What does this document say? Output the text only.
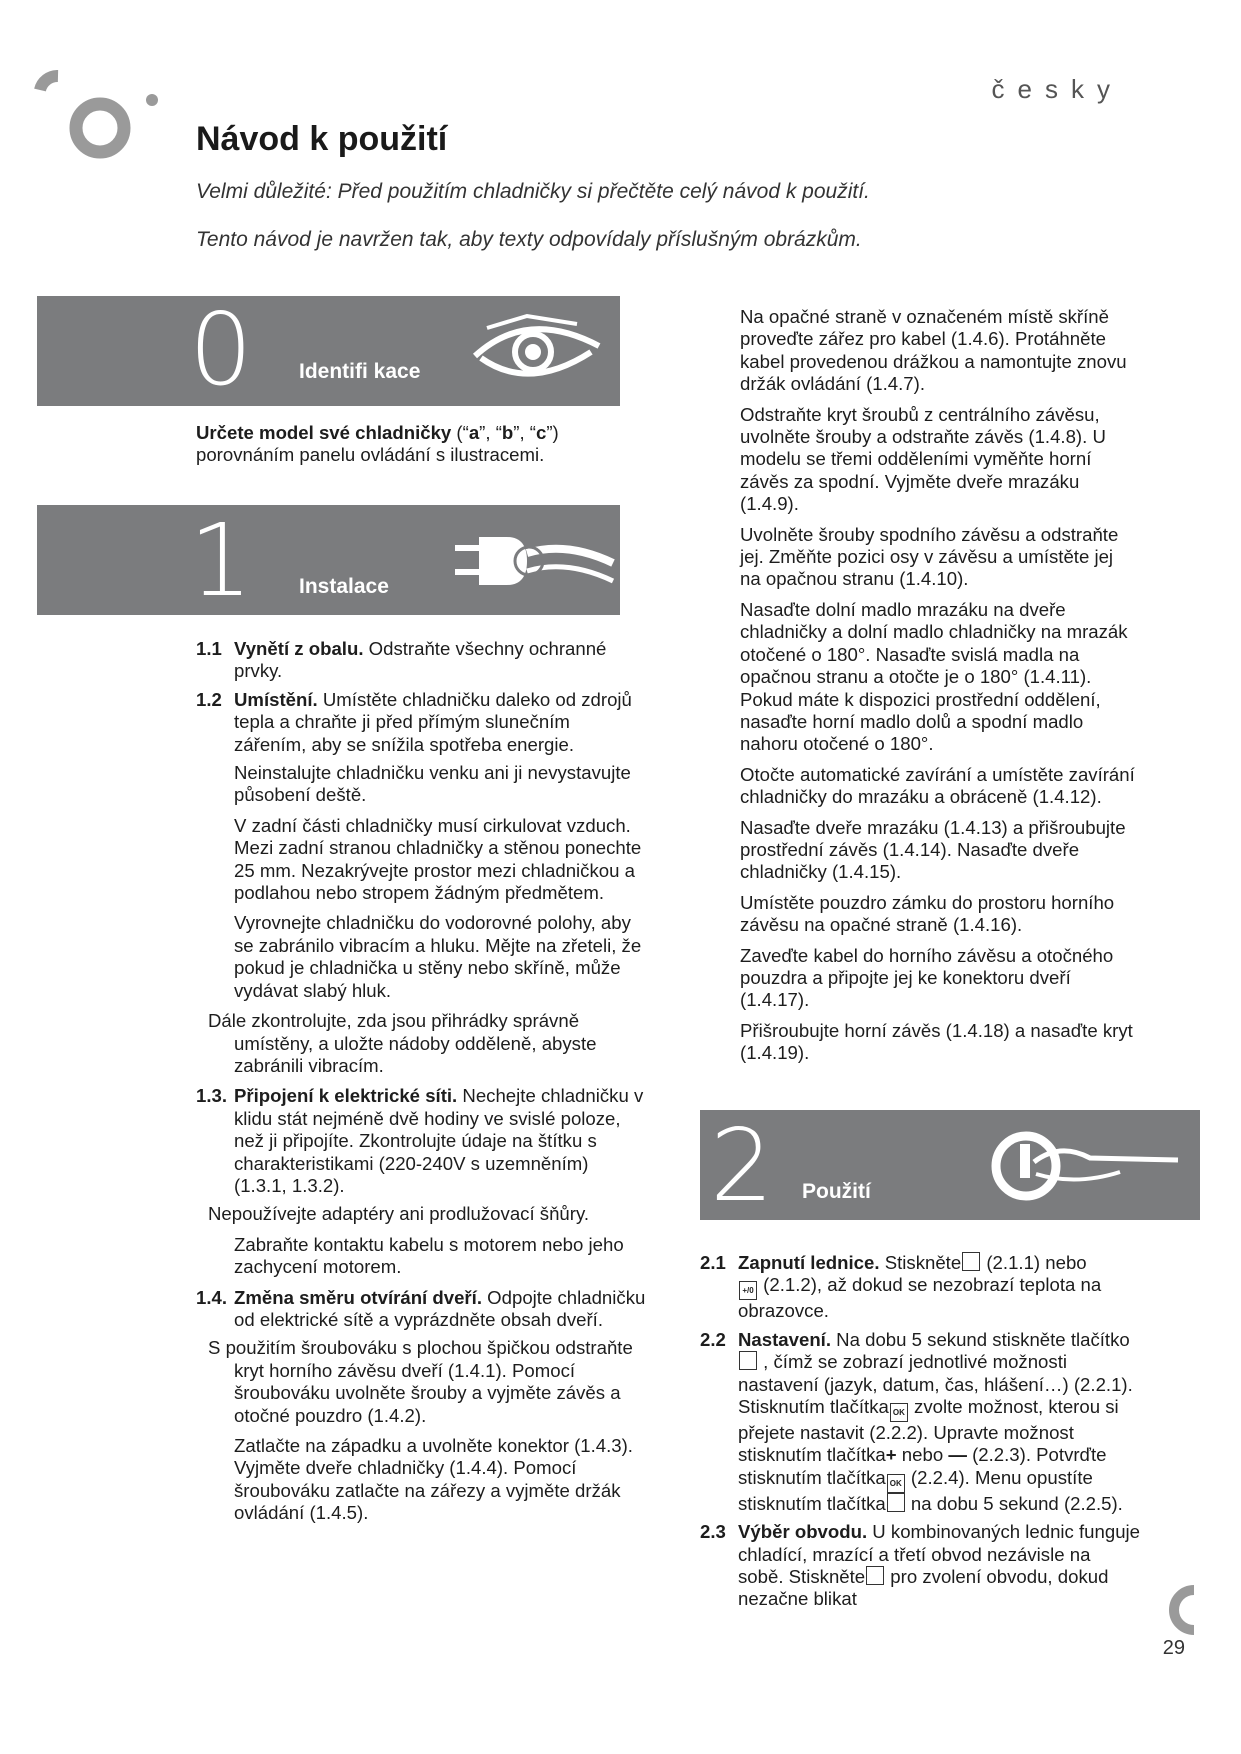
česky
Návod k použití
Velmi důležité: Před použitím chladničky si přečtěte celý návod k použití.
Tento návod je navržen tak, aby texty odpovídaly příslušným obrázkům.
0 Identifi kace

Určete model své chladničky (“a”, “b”, “c”)
porovnáním panelu ovládání s ilustracemi.

1 Instalace
1.1 Vynětí z obalu. Odstraňte všechny ochranné prvky.
1.2 Umístění. Umístěte chladničku daleko od zdrojů tepla a chraňte ji před přímým slunečním zářením, aby se snížila spotřeba energie.

Neinstalujte chladničku venku ani ji nevystavujte působení deště.

V zadní části chladničky musí cirkulovat vzduch. Mezi zadní stranou chladničky a stěnou ponechte 25 mm. Nezakrývejte prostor mezi chladničkou a podlahou nebo stropem žádným předmětem.

Vyrovnejte chladničku do vodorovné polohy, aby se zabránilo vibracím a hluku. Mějte na zřeteli, že pokud je chladnička u stěny nebo skříně, může vydávat slabý hluk.

Dále zkontrolujte, zda jsou přihrádky správně umístěny, a uložte nádoby odděleně, abyste zabránili vibracím.

1.3. Připojení k elektrické síti. Nechejte chladničku v klidu stát nejméně dvě hodiny ve svislé poloze, než ji připojíte. Zkontrolujte údaje na štítku s charakteristikami (220-240V s uzemněním) (1.3.1, 1.3.2).

Nepoužívejte adaptéry ani prodlužovací šňůry.

Zabraňte kontaktu kabelu s motorem nebo jeho zachycení motorem.

1.4. Změna směru otvírání dveří. Odpojte chladničku od elektrické sítě a vyprázdněte obsah dveří.

S použitím šroubováku s plochou špičkou odstraňte kryt horního závěsu dveří (1.4.1). Pomocí šroubováku uvolněte šrouby a vyjměte závěs a otočné pouzdro (1.4.2).

Zatlačte na západku a uvolněte konektor (1.4.3). Vyjměte dveře chladničky (1.4.4). Pomocí šroubováku zatlačte na zářezy a vyjměte držák ovládání (1.4.5).

Na opačné straně v označeném místě skříně proveďte zářez pro kabel (1.4.6). Protáhněte kabel provedenou drážkou a namontujte znovu držák ovládání (1.4.7).

Odstraňte kryt šroubů z centrálního závěsu, uvolněte šrouby a odstraňte závěs (1.4.8). U modelu se třemi odděleními vyměňte horní závěs za spodní. Vyjměte dveře mrazáku (1.4.9).

Uvolněte šrouby spodního závěsu a odstraňte jej. Změňte pozici osy v závěsu a umístěte jej na opačnou stranu (1.4.10).

Nasaďte dolní madlo mrazáku na dveře chladničky a dolní madlo chladničky na mrazák otočené o 180°. Nasaďte svislá madla na opačnou stranu a otočte je o 180° (1.4.11). Pokud máte k dispozici prostřední oddělení, nasaďte horní madlo dolů a spodní madlo nahoru otočené o 180°.

Otočte automatické zavírání a umístěte zavírání chladničky do mrazáku a obráceně (1.4.12).

Nasaďte dveře mrazáku (1.4.13) a přišroubujte prostřední závěs (1.4.14). Nasaďte dveře chladničky (1.4.15).

Umístěte pouzdro zámku do prostoru horního závěsu na opačné straně (1.4.16).

Zaveďte kabel do horního závěsu a otočného pouzdra a připojte jej ke konektoru dveří (1.4.17).

Přišroubujte horní závěs (1.4.18) a nasaďte kryt (1.4.19).

2 Použití
2.1 Zapnutí lednice. Stiskněte (2.1.1) nebo
+/0 (2.1.2), až dokud se nezobrazí teplota na obrazovce.
2.2 Nastavení. Na dobu 5 sekund stiskněte tlačítko , čímž se zobrazí jednotlivé možnosti nastavení (jazyk, datum, čas, hlášení…) (2.2.1). Stisknutím tlačítka OK zvolte možnost, kterou si přejete nastavit (2.2.2). Upravte možnost stisknutím tlačítka+ nebo — (2.2.3). Potvrďte stisknutím tlačítka OK (2.2.4). Menu opustíte stisknutím tlačítka na dobu 5 sekund (2.2.5).
2.3 Výběr obvodu. U kombinovaných lednic funguje chladící, mrazící a třetí obvod nezávisle na sobě. Stiskněte pro zvolení obvodu, dokud nezačne blikat
29
